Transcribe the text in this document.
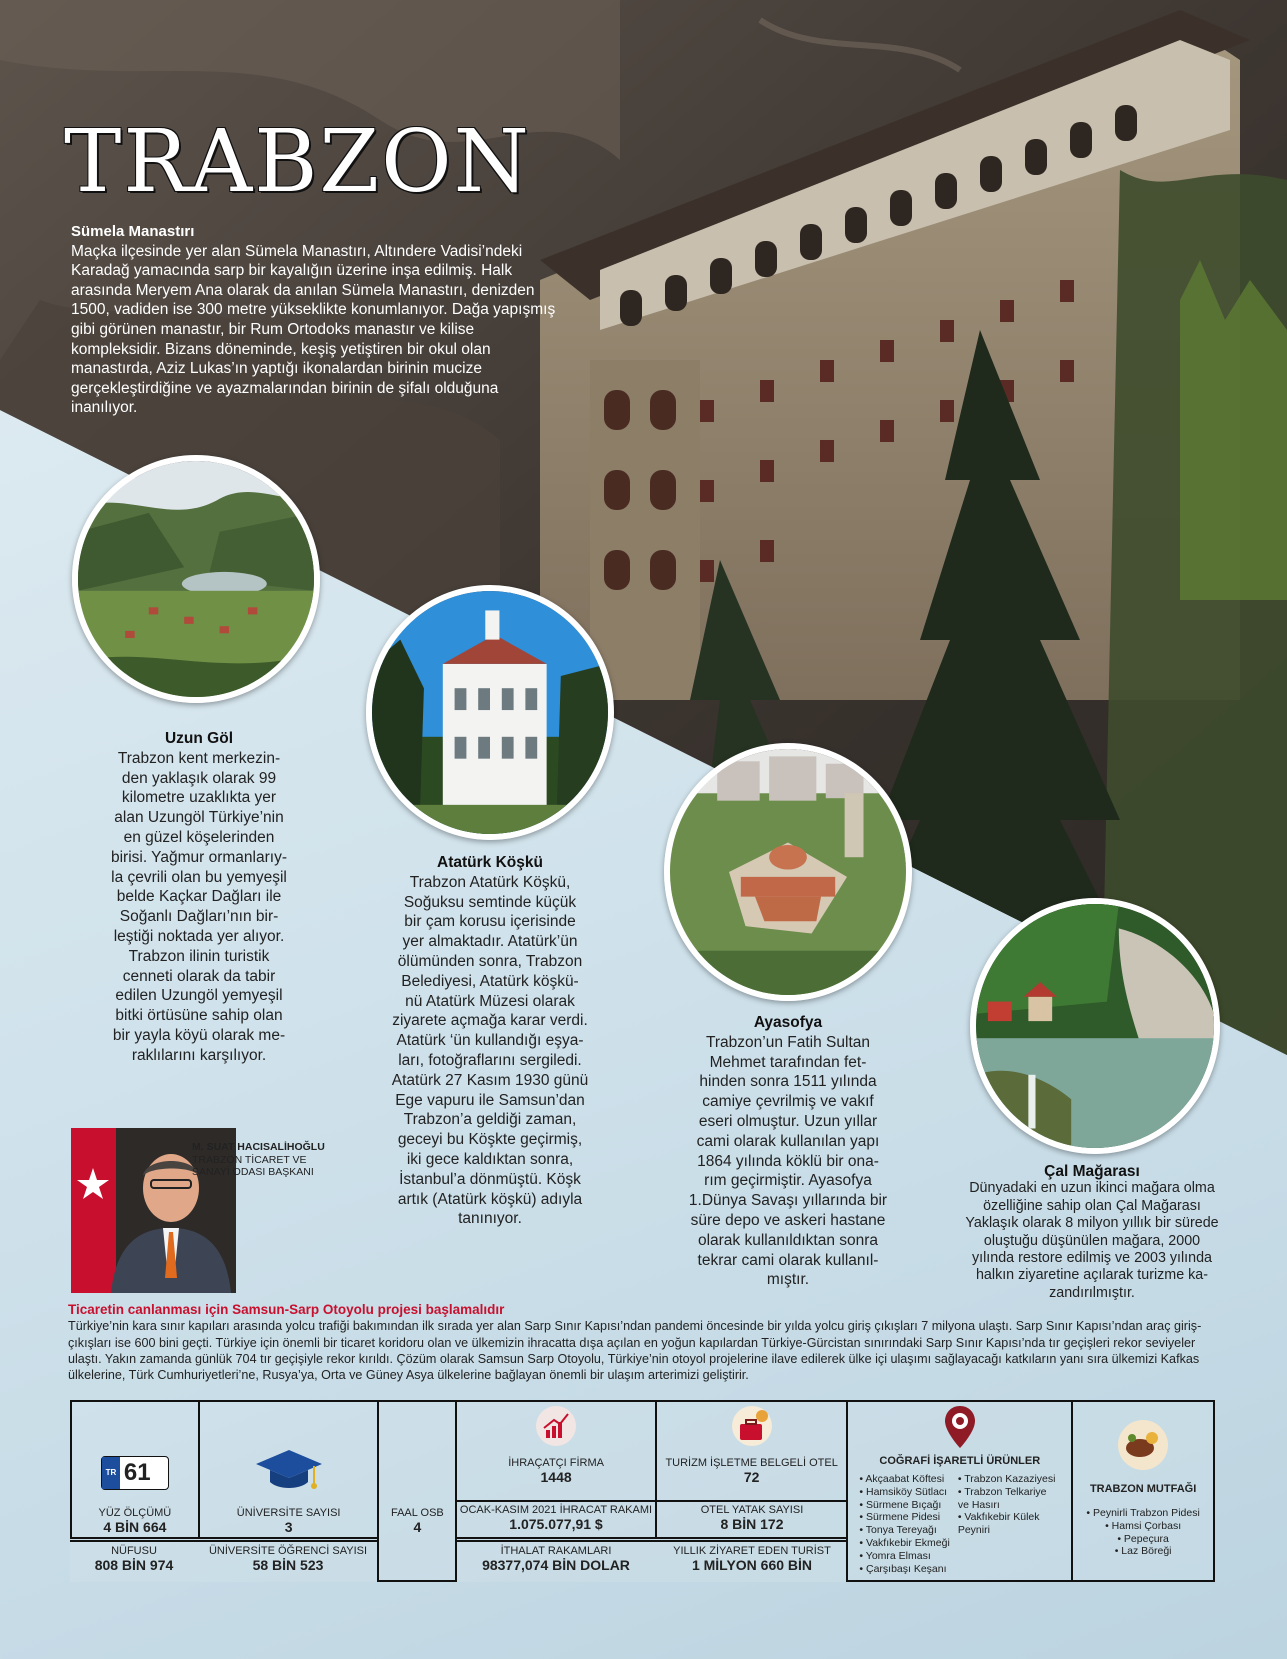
TRABZON
Sümela Manastırı

Maçka ilçesinde yer alan Sümela Manastırı, Altındere Vadisi’ndeki Karadağ yamacında sarp bir kayalığın üzerine inşa edilmiş. Halk arasında Meryem Ana olarak da anılan Sümela Manastırı, denizden 1500, vadiden ise 300 metre yükseklikte konumlanıyor. Dağa yapışmış gibi görünen manastır, bir Rum Ortodoks manastır ve kilise kompleksidir. Bizans döneminde, keşiş yetiştiren bir okul olan manastırda, Aziz Lukas’ın yaptığı ikonalardan birinin mucize gerçekleştirdiğine ve ayazmalarından birinin de şifalı olduğuna inanılıyor.

Uzun Göl

Trabzon kent merkezin-
den yaklaşık olarak 99
kilometre uzaklıkta yer
alan Uzungöl Türkiye’nin
en güzel köşelerinden
birisi. Yağmur ormanlarıy-
la çevrili olan bu yemyeşil
belde Kaçkar Dağları ile
Soğanlı Dağları’nın bir-
leştiği noktada yer alıyor.
Trabzon ilinin turistik
cenneti olarak da tabir
edilen Uzungöl yemyeşil
bitki örtüsüne sahip olan
bir yayla köyü olarak me-
raklılarını karşılıyor.

Atatürk Köşkü

Trabzon Atatürk Köşkü,
Soğuksu semtinde küçük
bir çam korusu içerisinde
yer almaktadır. Atatürk’ün
ölümünden sonra, Trabzon
Belediyesi, Atatürk köşkü-
nü Atatürk Müzesi olarak
ziyarete açmağa karar verdi.
Atatürk ‘ün kullandığı eşya-
ları, fotoğraflarını sergiledi.
Atatürk 27 Kasım 1930 günü
Ege vapuru ile Samsun’dan
Trabzon’a geldiği zaman,
geceyi bu Köşkte geçirmiş,
iki gece kaldıktan sonra,
İstanbul’a dönmüştü. Köşk
artık (Atatürk köşkü) adıyla
tanınıyor.

Ayasofya

Trabzon’un Fatih Sultan
Mehmet tarafından fet-
hinden sonra 1511 yılında
camiye çevrilmiş ve vakıf
eseri olmuştur. Uzun yıllar
cami olarak kullanılan yapı
1864 yılında köklü bir ona-
rım geçirmiştir. Ayasofya
1.Dünya Savaşı yıllarında bir
süre depo ve askeri hastane
olarak kullanıldıktan sonra
tekrar cami olarak kullanıl-
mıştır.

Çal Mağarası

Dünyadaki en uzun ikinci mağara olma
özelliğine sahip olan Çal Mağarası
Yaklaşık olarak 8 milyon yıllık bir sürede
oluştuğu düşünülen mağara, 2000
yılında restore edilmiş ve 2003 yılında
halkın ziyaretine açılarak turizme ka-
zandırılmıştır.

M. SUAT HACISALİHOĞLU
TRABZON TİCARET VE
SANAYİ ODASI BAŞKANI
Ticaretin canlanması için Samsun-Sarp Otoyolu projesi başlamalıdır

Türkiye’nin kara sınır kapıları arasında yolcu trafiği bakımından ilk sırada yer alan Sarp Sınır Kapısı’ndan pandemi öncesinde bir yılda yolcu giriş çıkışları 7 milyona ulaştı. Sarp Sınır Kapısı’ndan araç giriş-çıkışları ise 600 bini geçti. Türkiye için önemli bir ticaret koridoru olan ve ülkemizin ihracatta dışa açılan en yoğun kapılardan Türkiye-Gürcistan sınırındaki Sarp Sınır Kapısı’nda tır geçişleri rekor seviyeler ulaştı. Yakın zamanda günlük 704 tır geçişiyle rekor kırıldı. Çözüm olarak Samsun Sarp Otoyolu, Türkiye’nin otoyol projelerine ilave edilerek ülke içi ulaşımı sağlayacağı katkıların yanı sıra ülkemizi Kafkas ülkelerine, Türk Cumhuriyetleri’ne, Rusya’ya, Orta ve Güney Asya ülkelerine bağlayan önemli bir ulaşım arterimizi geliştirir.

TR 61
YÜZ ÖLÇÜMÜ
4 BİN 664

ÜNİVERSİTE SAYISI
3

FAAL OSB
4

İHRAÇATÇI FİRMA
1448

TURİZM İŞLETME BELGELİ OTEL
72

COĞRAFİ İŞARETLİ ÜRÜNLER
• Akçaabat Köftesi
• Hamsiköy Sütlacı
• Sürmene Bıçağı
• Sürmene Pidesi
• Tonya Tereyağı
• Vakfıkebir Ekmeği
• Yomra Elması
• Çarşıbaşı Keşanı
• Trabzon Kazaziyesi
• Trabzon Telkariye ve Hasırı
• Vakfıkebir Külek Peyniri

TRABZON MUTFAĞI
• Peynirli Trabzon Pidesi
• Hamsi Çorbası
• Pepeçura
• Laz Böreği

NÜFUSU
808 BİN 974
ÜNİVERSİTE ÖĞRENCİ SAYISI
58 BİN 523
OCAK-KASIM 2021 İHRACAT RAKAMI
1.075.077,91 $
İTHALAT RAKAMLARI
98377,074 BİN DOLAR
OTEL YATAK SAYISI
8 BİN 172
YILLIK ZİYARET EDEN TURİST
1 MİLYON 660 BİN
